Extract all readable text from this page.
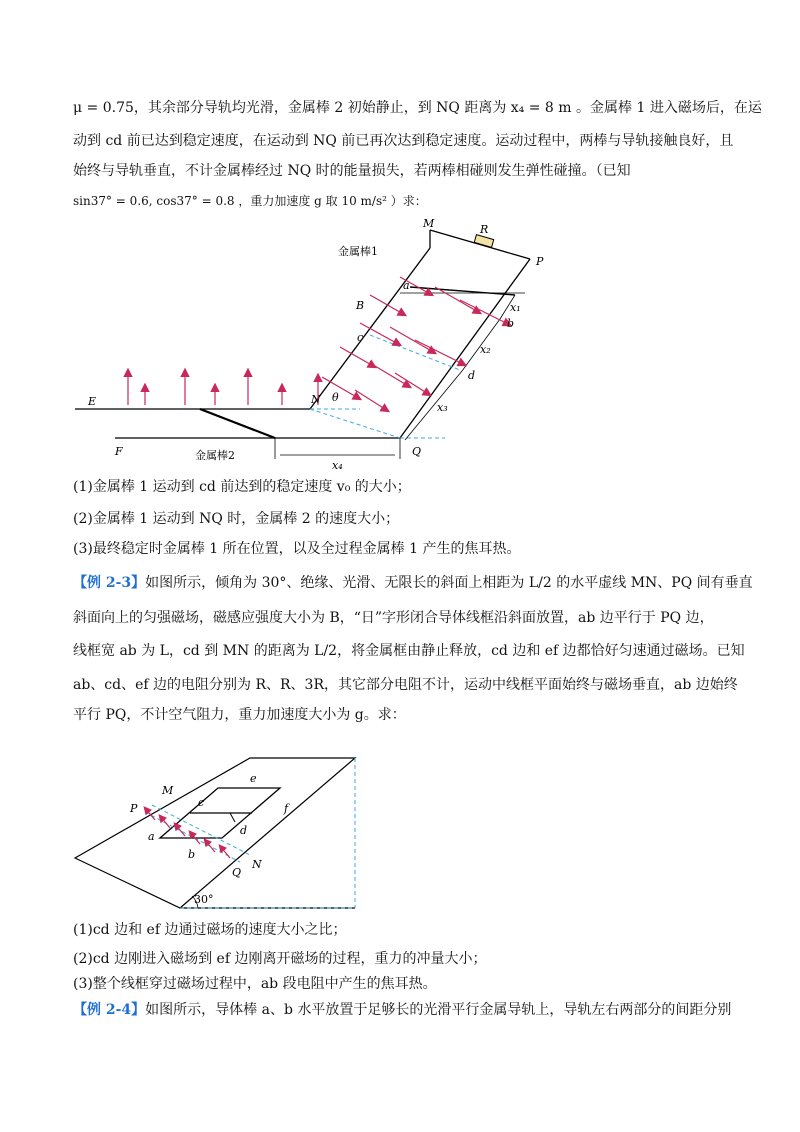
μ = 0.75，其余部分导轨均光滑，金属棒 2 初始静止，到 NQ 距离为 x₄ = 8 m 。金属棒 1 进入磁场后，在运
动到 cd 前已达到稳定速度，在运动到 NQ 前已再次达到稳定速度。运动过程中，两棒与导轨接触良好，且
始终与导轨垂直，不计金属棒经过 NQ 时的能量损失，若两棒相碰则发生弹性碰撞。（已知
sin37° = 0.6, cos37° = 0.8 ，重力加速度 g 取 10 m/s² ）求：
M	R
P
金属棒1
a
b
B
c
d
x₁
x₂
x₃
E	N θ
F	金属棒2
x₄
Q
(1)金属棒 1 运动到 cd 前达到的稳定速度 v₀ 的大小；
(2)金属棒 1 运动到 NQ 时，金属棒 2 的速度大小；
(3)最终稳定时金属棒 1 所在位置，以及全过程金属棒 1 产生的焦耳热。
【例 2-3】如图所示，倾角为 30°、绝缘、光滑、无限长的斜面上相距为 L/2 的水平虚线 MN、PQ 间有垂直
斜面向上的匀强磁场，磁感应强度大小为 B，“日”字形闭合导体线框沿斜面放置，ab 边平行于 PQ 边，
线框宽 ab 为 L，cd 到 MN 的距离为 L/2，将金属框由静止释放，cd 边和 ef 边都恰好匀速通过磁场。已知
ab、cd、ef 边的电阻分别为 R、R、3R，其它部分电阻不计，运动中线框平面始终与磁场垂直，ab 边始终
平行 PQ，不计空气阻力，重力加速度大小为 g。求：
M
e
P	c	f
a	d
b
N
Q
30°
(1)cd 边和 ef 边通过磁场的速度大小之比；
(2)cd 边刚进入磁场到 ef 边刚离开磁场的过程，重力的冲量大小；
(3)整个线框穿过磁场过程中，ab 段电阻中产生的焦耳热。
【例 2-4】如图所示，导体棒 a、b 水平放置于足够长的光滑平行金属导轨上，导轨左右两部分的间距分别
